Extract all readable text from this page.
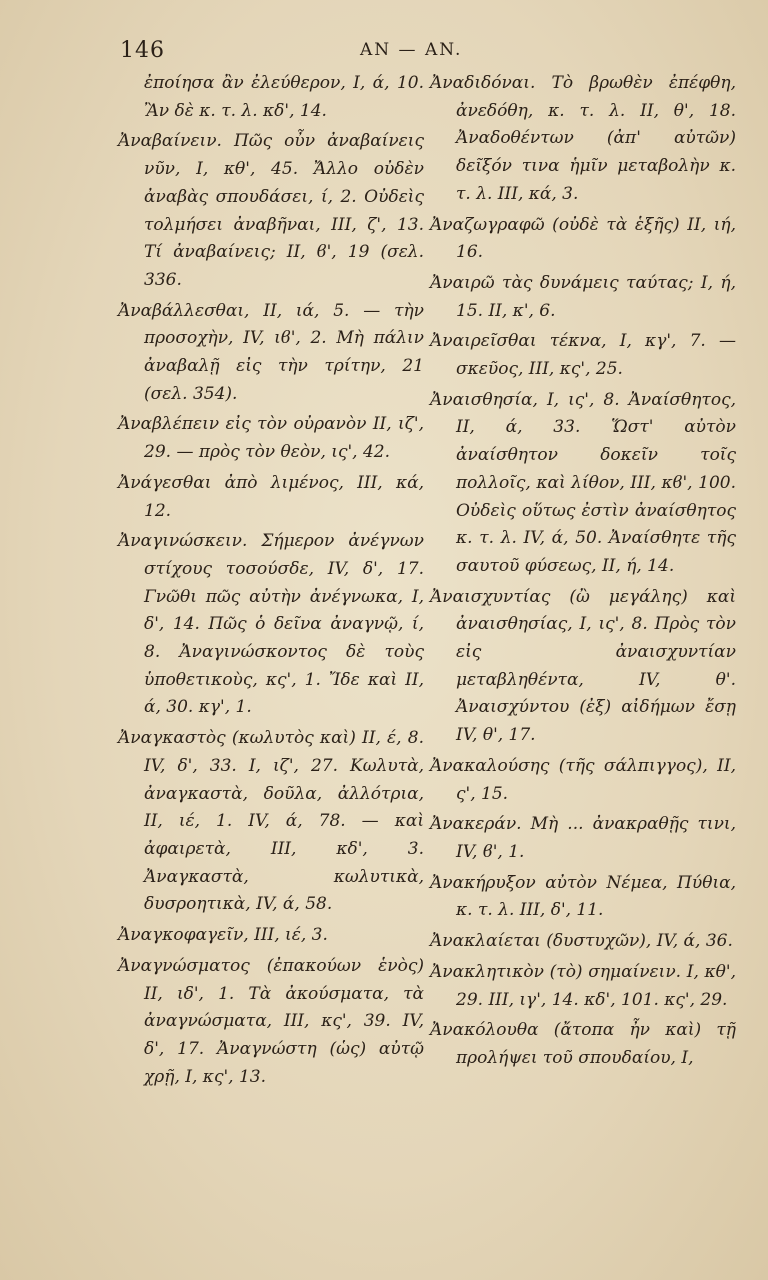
146	AN — AN.

ἐποίησα ἂν ἐλεύθερον, I, ά, 10. Ἂν δὲ κ. τ. λ. κδ', 14.

Ἀναβαίνειν. Πῶς οὖν ἀναβαίνεις νῦν, I, κθ', 45. Ἄλλο οὐδὲν ἀναβὰς σπουδάσει, ί, 2. Οὐδεὶς τολμήσει ἀναβῆναι, III, ζ', 13. Τί ἀναβαίνεις; II, ϐ', 19 (σελ. 336.

Ἀναβάλλεσθαι, II, ιά, 5. — τὴν προσοχὴν, IV, ιϐ', 2. Μὴ πάλιν ἀναβαλῇ εἰς τὴν τρίτην, 21 (σελ. 354).

Ἀναβλέπειν εἰς τὸν οὐρανὸν II, ιζ', 29. — πρὸς τὸν θεὸν, ις', 42.

Ἀνάγεσθαι ἀπὸ λιμένος, III, κά, 12.

Ἀναγινώσκειν. Σήμερον ἀνέγνων στίχους τοσούσδε, IV, δ', 17. Γνῶθι πῶς αὐτὴν ἀνέγνωκα, I, δ', 14. Πῶς ὁ δεῖνα ἀναγνῷ, ί, 8. Ἀναγινώσκοντος δὲ τοὺς ὑποθετικοὺς, κς', 1. Ἴδε καὶ II, ά, 30. κγ', 1.

Ἀναγκαστὸς (κωλυτὸς καὶ) II, έ, 8. IV, δ', 33. I, ιζ', 27. Κωλυτὰ, ἀναγκαστὰ, δοῦλα, ἀλλότρια, II, ιέ, 1. IV, ά, 78. — καὶ ἀφαιρετὰ, III, κδ', 3. Ἀναγκαστὰ, κωλυτικὰ, δυσροητικὰ, IV, ά, 58.

Ἀναγκοφαγεῖν, III, ιέ, 3.

Ἀναγνώσματος (ἐπακούων ἑνὸς) II, ιδ', 1. Τὰ ἀκούσματα, τὰ ἀναγνώσματα, III, κς', 39. IV, δ', 17. Ἀναγνώστη (ὡς) αὐτῷ χρῇ, I, κς', 13.

Ἀναδιδόναι. Τὸ βρωθὲν ἐπέφθη, ἀνεδόθη, κ. τ. λ. II, θ', 18. Ἀναδοθέντων (ἀπ' αὐτῶν) δεῖξόν τινα ἡμῖν μεταβολὴν κ. τ. λ. III, κά, 3.

Ἀναζωγραφῶ (οὐδὲ τὰ ἑξῆς) II, ιή, 16.

Ἀναιρῶ τὰς δυνάμεις ταύτας; I, ή, 15. II, κ', 6.

Ἀναιρεῖσθαι τέκνα, I, κγ', 7. — σκεῦος, III, κς', 25.

Ἀναισθησία, I, ις', 8. Ἀναίσθητος, II, ά, 33. Ὥστ' αὐτὸν ἀναίσθητον δοκεῖν τοῖς πολλοῖς, καὶ λίθον, III, κϐ', 100. Οὐδεὶς οὕτως ἐστὶν ἀναίσθητος κ. τ. λ. IV, ά, 50. Ἀναίσθητε τῆς σαυτοῦ φύσεως, II, ή, 14.

Ἀναισχυντίας (ὢ μεγάλης) καὶ ἀναισθησίας, I, ις', 8. Πρὸς τὸν εἰς ἀναισχυντίαν μεταβληθέντα, IV, θ'. Ἀναισχύντου (ἐξ) αἰδήμων ἔσῃ IV, θ', 17.

Ἀνακαλούσης (τῆς σάλπιγγος), II, ς', 15.

Ἀνακεράν. Μὴ ... ἀνακραθῇς τινι, IV, ϐ', 1.

Ἀνακήρυξον αὐτὸν Νέμεα, Πύθια, κ. τ. λ. III, δ', 11.

Ἀνακλαίεται (δυστυχῶν), IV, ά, 36.

Ἀνακλητικὸν (τὸ) σημαίνειν. I, κθ', 29. III, ιγ', 14. κδ', 101. κς', 29.

Ἀνακόλουθα (ἄτοπα ἦν καὶ) τῇ προλήψει τοῦ σπουδαίου, I,
